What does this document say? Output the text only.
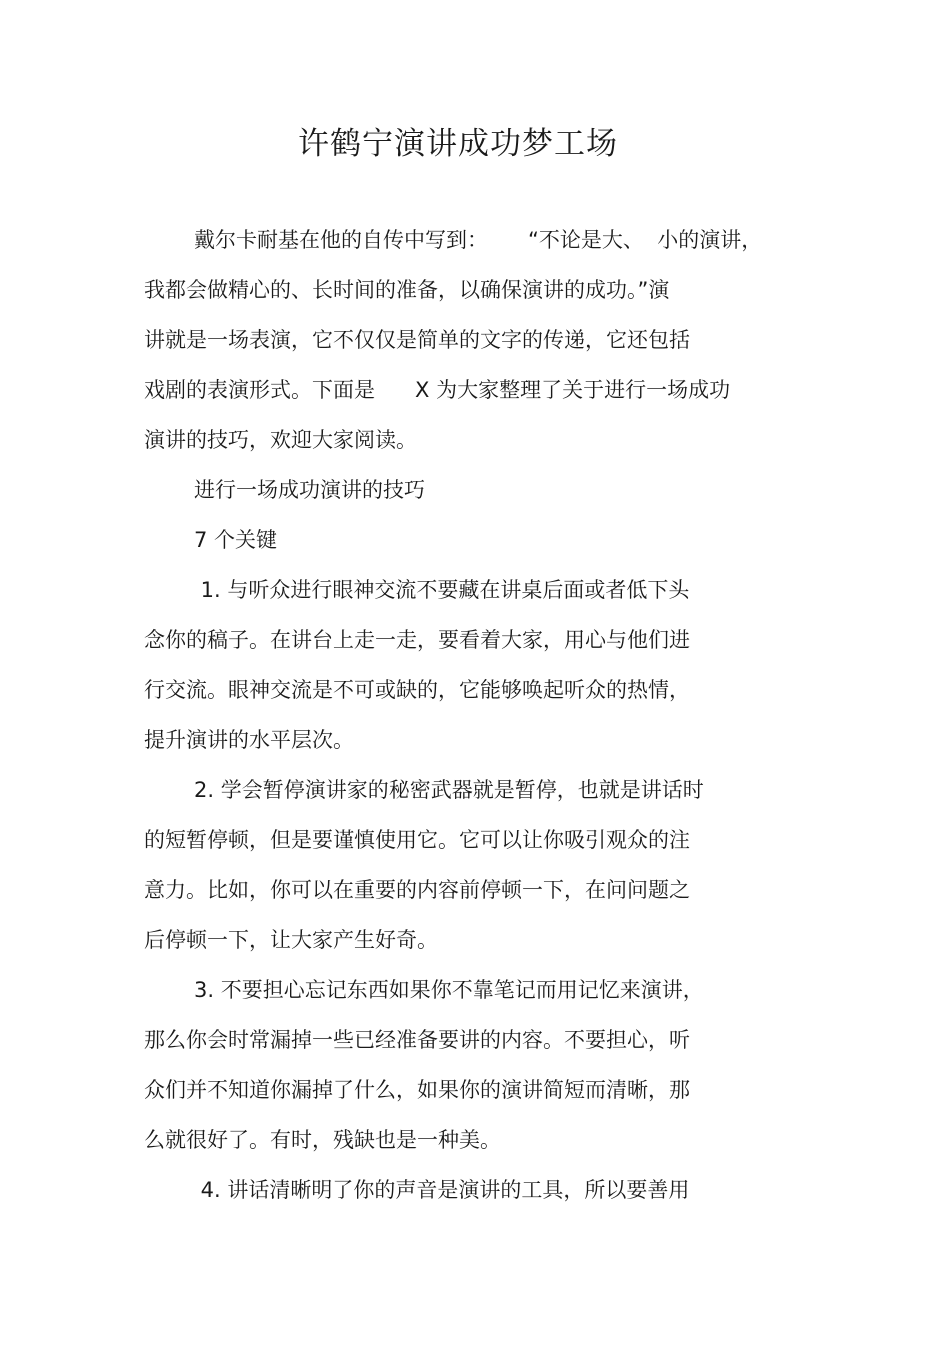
许鹤宁演讲成功梦工场

戴尔卡耐基在他的自传中写到：      “不论是大、  小的演讲，

我都会做精心的、长时间的准备，以确保演讲的成功。”演

讲就是一场表演，它不仅仅是简单的文字的传递，它还包括

戏剧的表演形式。下面是      X 为大家整理了关于进行一场成功

演讲的技巧，欢迎大家阅读。

进行一场成功演讲的技巧

7 个关键

1. 与听众进行眼神交流不要藏在讲桌后面或者低下头

念你的稿子。在讲台上走一走，要看着大家，用心与他们进

行交流。眼神交流是不可或缺的，它能够唤起听众的热情，

提升演讲的水平层次。

2. 学会暂停演讲家的秘密武器就是暂停，也就是讲话时

的短暂停顿，但是要谨慎使用它。它可以让你吸引观众的注

意力。比如，你可以在重要的内容前停顿一下，在问问题之

后停顿一下，让大家产生好奇。

3. 不要担心忘记东西如果你不靠笔记而用记忆来演讲，

那么你会时常漏掉一些已经准备要讲的内容。不要担心，听

众们并不知道你漏掉了什么，如果你的演讲简短而清晰，那

么就很好了。有时，残缺也是一种美。

4. 讲话清晰明了你的声音是演讲的工具，所以要善用
